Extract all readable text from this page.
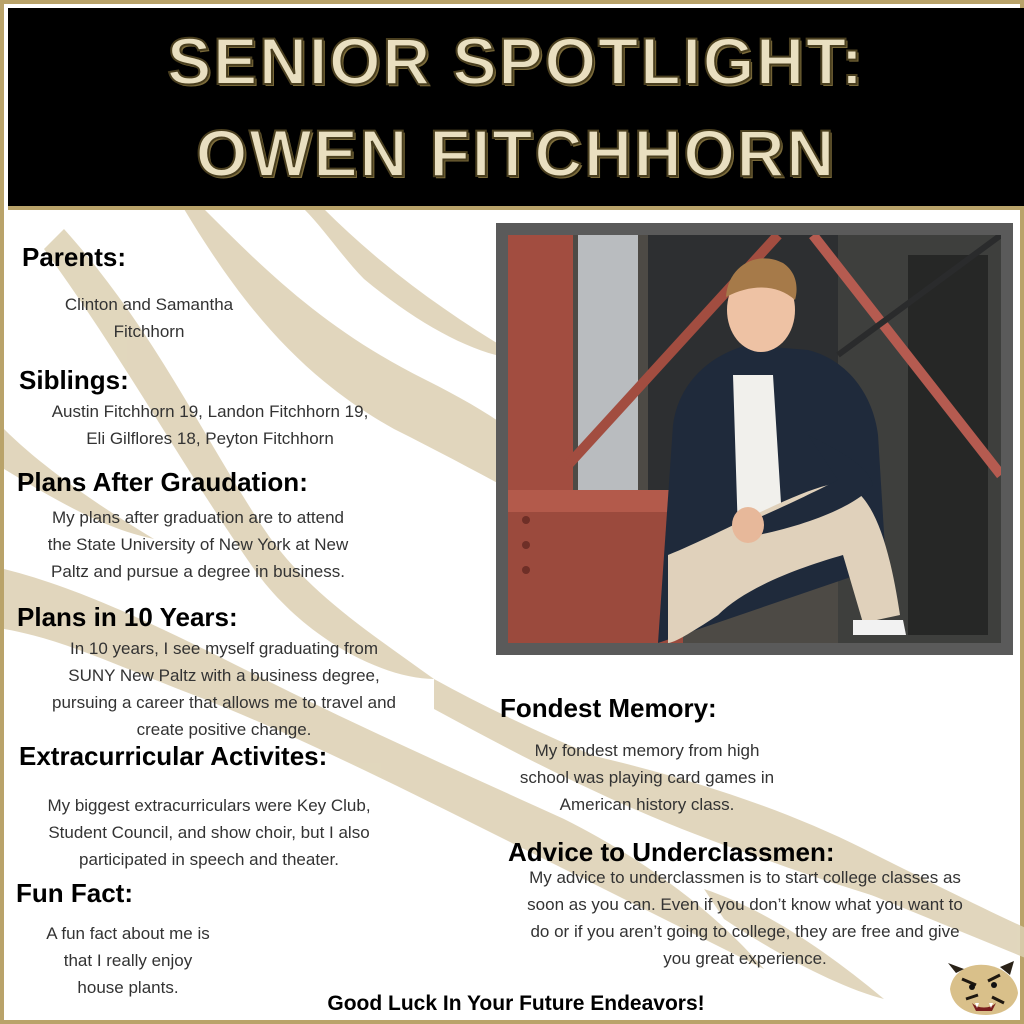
SENIOR SPOTLIGHT:
OWEN FITCHHORN
Parents:
Clinton and Samantha
Fitchhorn
Siblings:
Austin Fitchhorn 19, Landon Fitchhorn 19,
Eli Gilflores 18, Peyton Fitchhorn
Plans After Graudation:
My plans after graduation are to attend
the State University of New York at New
Paltz and pursue a degree in business.
Plans in 10 Years:
In 10 years, I see myself graduating from
SUNY New Paltz with a business degree,
pursuing a career that allows me to travel and
create positive change.
Extracurricular Activites:
My biggest extracurriculars were Key Club,
Student Council, and show choir, but I also
participated in speech and theater.
Fun Fact:
A fun fact about me is
that I really enjoy
house plants.
Fondest Memory:
My fondest memory from high
school was playing card games in
American history class.
Advice to Underclassmen:
My advice to underclassmen is to start college classes as
soon as you can. Even if you don’t know what you want to
do or if you aren’t going to college, they are free and give
you great experience.
Good Luck In Your Future Endeavors!
